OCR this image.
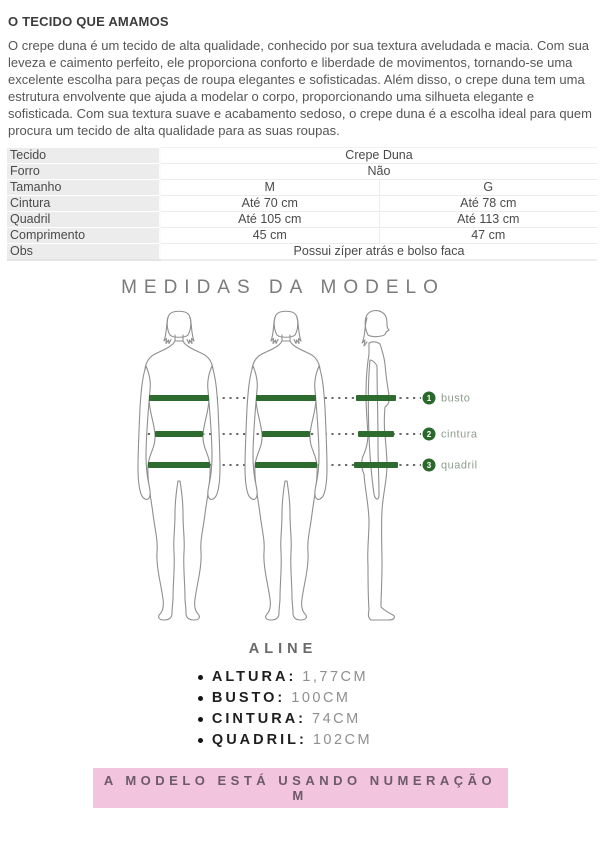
O TECIDO QUE AMAMOS

O crepe duna é um tecido de alta qualidade, conhecido por sua textura aveludada e macia. Com sua leveza e caimento perfeito, ele proporciona conforto e liberdade de movimentos, tornando-se uma excelente escolha para peças de roupa elegantes e sofisticadas. Além disso, o crepe duna tem uma estrutura envolvente que ajuda a modelar o corpo, proporcionando uma silhueta elegante e sofisticada. Com sua textura suave e acabamento sedoso, o crepe duna é a escolha ideal para quem procura um tecido de alta qualidade para as suas roupas.

Tecido	Crepe Duna	
Forro	Não	
Tamanho	M	G
Cintura	Até 70 cm	Até 78 cm
Quadril	Até 105 cm	Até 113 cm
Comprimento	45 cm	47 cm
Obs	Possui zíper atrás e bolso faca	
MEDIDAS DA MODELO
1 busto
2 cintura
3 quadril
ALINE
ALTURA: 1,77CM
BUSTO: 100CM
CINTURA: 74CM
QUADRIL: 102CM
A MODELO ESTÁ USANDO NUMERAÇÃO M
